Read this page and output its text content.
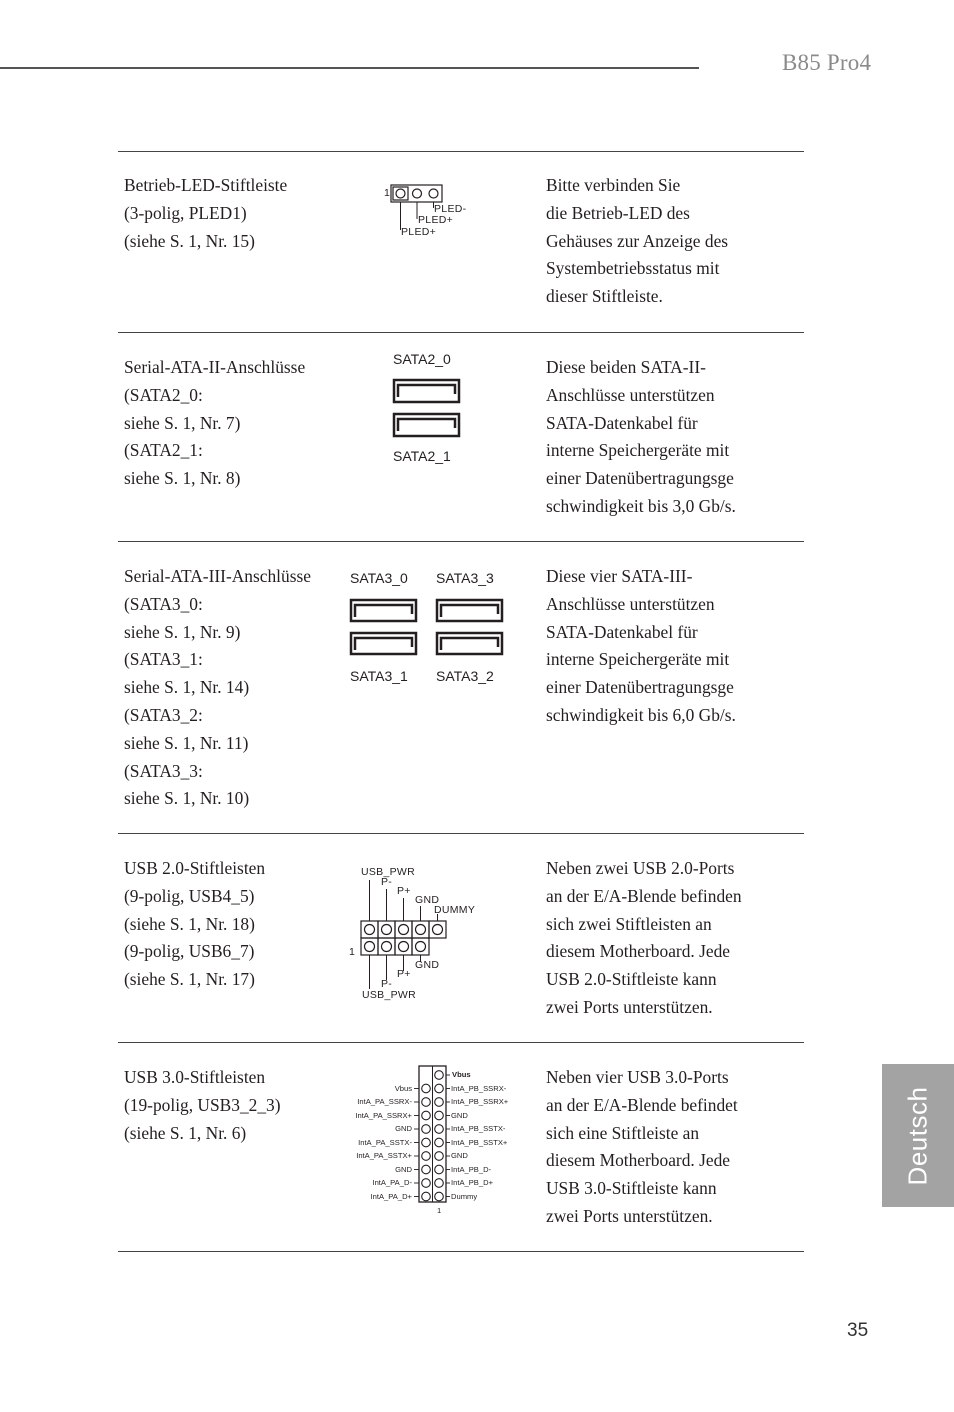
B85 Pro4
Deutsch
35
Betrieb-LED-Stiftleiste
(3-polig, PLED1)
(siehe S. 1, Nr. 15)
1
PLED-
PLED+
PLED+
Bitte verbinden Sie
die Betrieb-LED des
Gehäuses zur Anzeige des
Systembetriebsstatus mit
dieser Stiftleiste.
Serial-ATA-II-Anschlüsse
(SATA2_0:
siehe S. 1, Nr. 7)
(SATA2_1:
siehe S. 1, Nr. 8)
SATA2_0
SATA2_1
Diese beiden SATA-II-
Anschlüsse unterstützen
SATA-Datenkabel für
interne Speichergeräte mit
einer Datenübertragungsge
schwindigkeit bis 3,0 Gb/s.
Serial-ATA-III-Anschlüsse
(SATA3_0:
siehe S. 1, Nr. 9)
(SATA3_1:
siehe S. 1, Nr. 14)
(SATA3_2:
siehe S. 1, Nr. 11)
(SATA3_3:
siehe S. 1, Nr. 10)
SATA3_0 SATA3_3
SATA3_1 SATA3_2
Diese vier SATA-III-
Anschlüsse unterstützen
SATA-Datenkabel für
interne Speichergeräte mit
einer Datenübertragungsge
schwindigkeit bis 6,0 Gb/s.
USB 2.0-Stiftleisten
(9-polig, USB4_5)
(siehe S. 1, Nr. 18)
(9-polig, USB6_7)
(siehe S. 1, Nr. 17)
USB_PWR
P-
P+
GND
DUMMY
1
GND
P+
P-
USB_PWR
Neben zwei USB 2.0-Ports
an der E/A-Blende befinden
sich zwei Stiftleisten an
diesem Motherboard. Jede
USB 2.0-Stiftleiste kann
zwei Ports unterstützen.
USB 3.0-Stiftleisten
(19-polig, USB3_2_3)
(siehe S. 1, Nr. 6)
Vbus
IntA_PB_SSRX-
IntA_PB_SSRX+
GND
IntA_PB_SSTX-
IntA_PB_SSTX+
GND
IntA_PB_D-
IntA_PB_D+
Dummy
Vbus
IntA_PA_SSRX-
IntA_PA_SSRX+
GND
IntA_PA_SSTX-
IntA_PA_SSTX+
GND
IntA_PA_D-
IntA_PA_D+
1
Neben vier USB 3.0-Ports
an der E/A-Blende befindet
sich eine Stiftleiste an
diesem Motherboard. Jede
USB 3.0-Stiftleiste kann
zwei Ports unterstützen.
